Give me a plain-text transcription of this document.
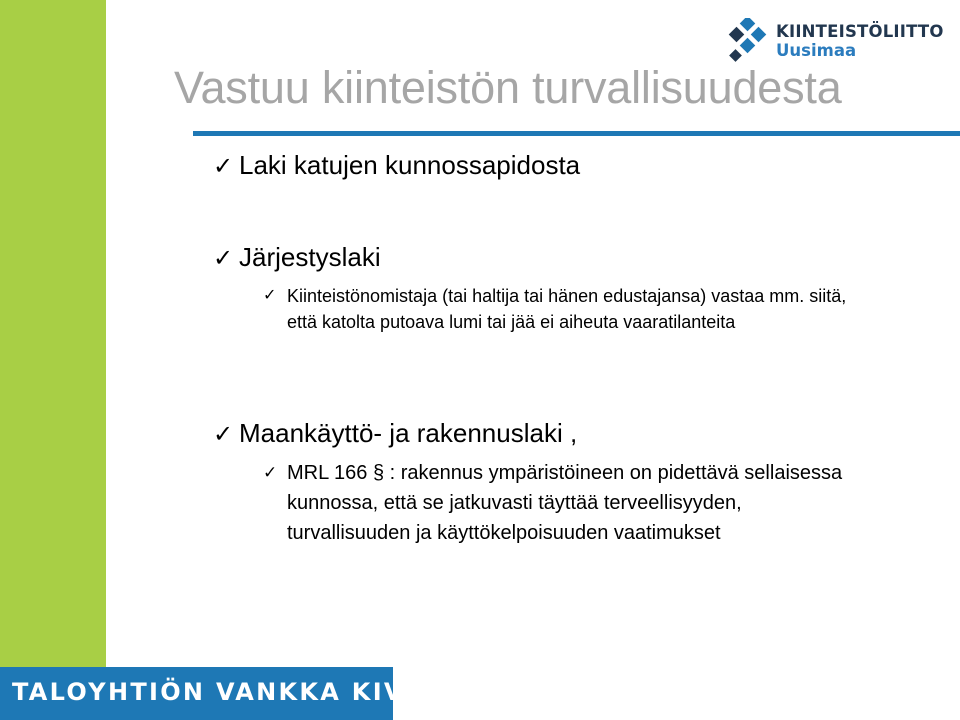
KIINTEISTÖLIITTO
Uusimaa
Vastuu kiinteistön turvallisuudesta
✓ Laki katujen kunnossapidosta
✓ Järjestyslaki
✓ Kiinteistönomistaja (tai haltija tai hänen edustajansa) vastaa mm. siitä, että katolta putoava lumi tai jää ei aiheuta vaaratilanteita
✓ Maankäyttö- ja rakennuslaki ,
✓ MRL 166 § : rakennus ympäristöineen on pidettävä sellaisessa kunnossa, että se jatkuvasti täyttää terveellisyyden, turvallisuuden ja käyttökelpoisuuden vaatimukset
TALOYHTIÖN VANKKA KIVIJALKA
